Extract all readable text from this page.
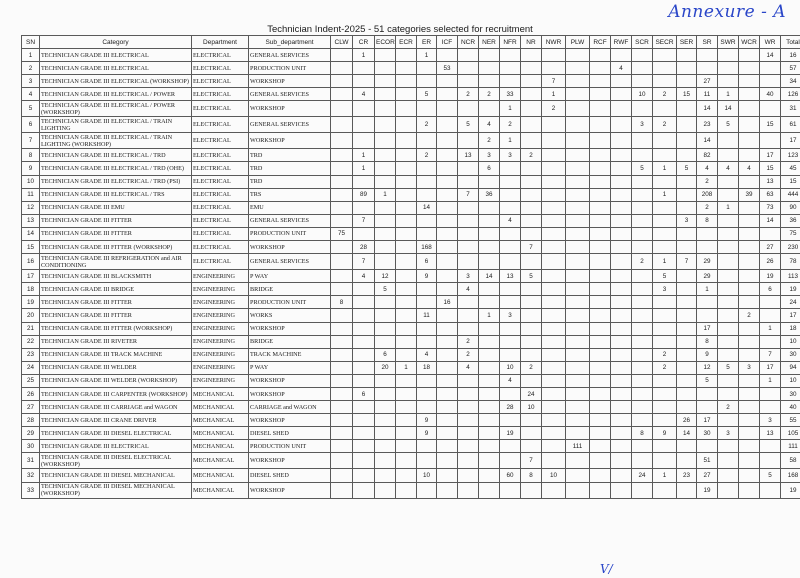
Annexure - A
Technician Indent-2025 - 51 categories selected for recruitment
SN	Category	Department	Sub_department	CLW	CR	ECOR	ECR	ER	ICF	NCR	NER	NFR	NR	NWR	PLW	RCF	RWF	SCR	SECR	SER	SR	SWR	WCR	WR	Total
1	TECHNICIAN GRADE III ELECTRICAL	ELECTRICAL	GENERAL SERVICES		1			1																14	16
2	TECHNICIAN GRADE III ELECTRICAL	ELECTRICAL	PRODUCTION UNIT						53								4								57
3	TECHNICIAN GRADE III ELECTRICAL (WORKSHOP)	ELECTRICAL	WORKSHOP											7							27				34
4	TECHNICIAN GRADE III ELECTRICAL / POWER	ELECTRICAL	GENERAL SERVICES		4			5		2	2	33		1				10	2	15	11	1		40	126
5	TECHNICIAN GRADE III ELECTRICAL / POWER (WORKSHOP)	ELECTRICAL	WORKSHOP									1		2							14	14			31
6	TECHNICIAN GRADE III ELECTRICAL / TRAIN LIGHTING	ELECTRICAL	GENERAL SERVICES					2		5	4	2						3	2		23	5		15	61
7	TECHNICIAN GRADE III ELECTRICAL / TRAIN LIGHTING (WORKSHOP)	ELECTRICAL	WORKSHOP								2	1									14				17
8	TECHNICIAN GRADE III ELECTRICAL / TRD	ELECTRICAL	TRD		1			2		13	3	3	2								82			17	123
9	TECHNICIAN GRADE III ELECTRICAL / TRD (OHE)	ELECTRICAL	TRD		1						6							5	1	5	4	4	4	15	45
10	TECHNICIAN GRADE III ELECTRICAL / TRD (PSI)	ELECTRICAL	TRD																		2			13	15
11	TECHNICIAN GRADE III ELECTRICAL / TRS	ELECTRICAL	TRS		89	1				7	36								1		208		39	63	444
12	TECHNICIAN GRADE III EMU	ELECTRICAL	EMU					14													2	1		73	90
13	TECHNICIAN GRADE III FITTER	ELECTRICAL	GENERAL SERVICES		7							4								3	8			14	36
14	TECHNICIAN GRADE III FITTER	ELECTRICAL	PRODUCTION UNIT	75																					75
15	TECHNICIAN GRADE III FITTER (WORKSHOP)	ELECTRICAL	WORKSHOP		28			168					7											27	230
16	TECHNICIAN GRADE III REFRIGERATION and AIR CONDITIONING	ELECTRICAL	GENERAL SERVICES		7			6										2	1	7	29			26	78
17	TECHNICIAN GRADE III BLACKSMITH	ENGINEERING	P WAY		4	12		9		3	14	13	5						5		29			19	113
18	TECHNICIAN GRADE III BRIDGE	ENGINEERING	BRIDGE			5				4									3		1			6	19
19	TECHNICIAN GRADE III FITTER	ENGINEERING	PRODUCTION UNIT	8					16																24
20	TECHNICIAN GRADE III FITTER	ENGINEERING	WORKS					11			1	3											2		17
21	TECHNICIAN GRADE III FITTER (WORKSHOP)	ENGINEERING	WORKSHOP																		17			1	18
22	TECHNICIAN GRADE III RIVETER	ENGINEERING	BRIDGE							2											8				10
23	TECHNICIAN GRADE III TRACK MACHINE	ENGINEERING	TRACK MACHINE			6		4		2									2		9			7	30
24	TECHNICIAN GRADE III WELDER	ENGINEERING	P WAY			20	1	18		4		10	2						2		12	5	3	17	94
25	TECHNICIAN GRADE III WELDER (WORKSHOP)	ENGINEERING	WORKSHOP									4									5			1	10
26	TECHNICIAN GRADE III CARPENTER (WORKSHOP)	MECHANICAL	WORKSHOP		6								24												30
27	TECHNICIAN GRADE III CARRIAGE and WAGON	MECHANICAL	CARRIAGE and WAGON									28	10									2			40
28	TECHNICIAN GRADE III CRANE DRIVER	MECHANICAL	WORKSHOP					9												26	17			3	55
29	TECHNICIAN GRADE III DIESEL ELECTRICAL	MECHANICAL	DIESEL SHED					9				19						8	9	14	30	3		13	105
30	TECHNICIAN GRADE III ELECTRICAL	MECHANICAL	PRODUCTION UNIT												111										111
31	TECHNICIAN GRADE III DIESEL ELECTRICAL (WORKSHOP)	MECHANICAL	WORKSHOP										7								51				58
32	TECHNICIAN GRADE III DIESEL MECHANICAL	MECHANICAL	DIESEL SHED					10				60	8	10				24	1	23	27			5	168
33	TECHNICIAN GRADE III DIESEL MECHANICAL (WORKSHOP)	MECHANICAL	WORKSHOP																		19				19
V/
